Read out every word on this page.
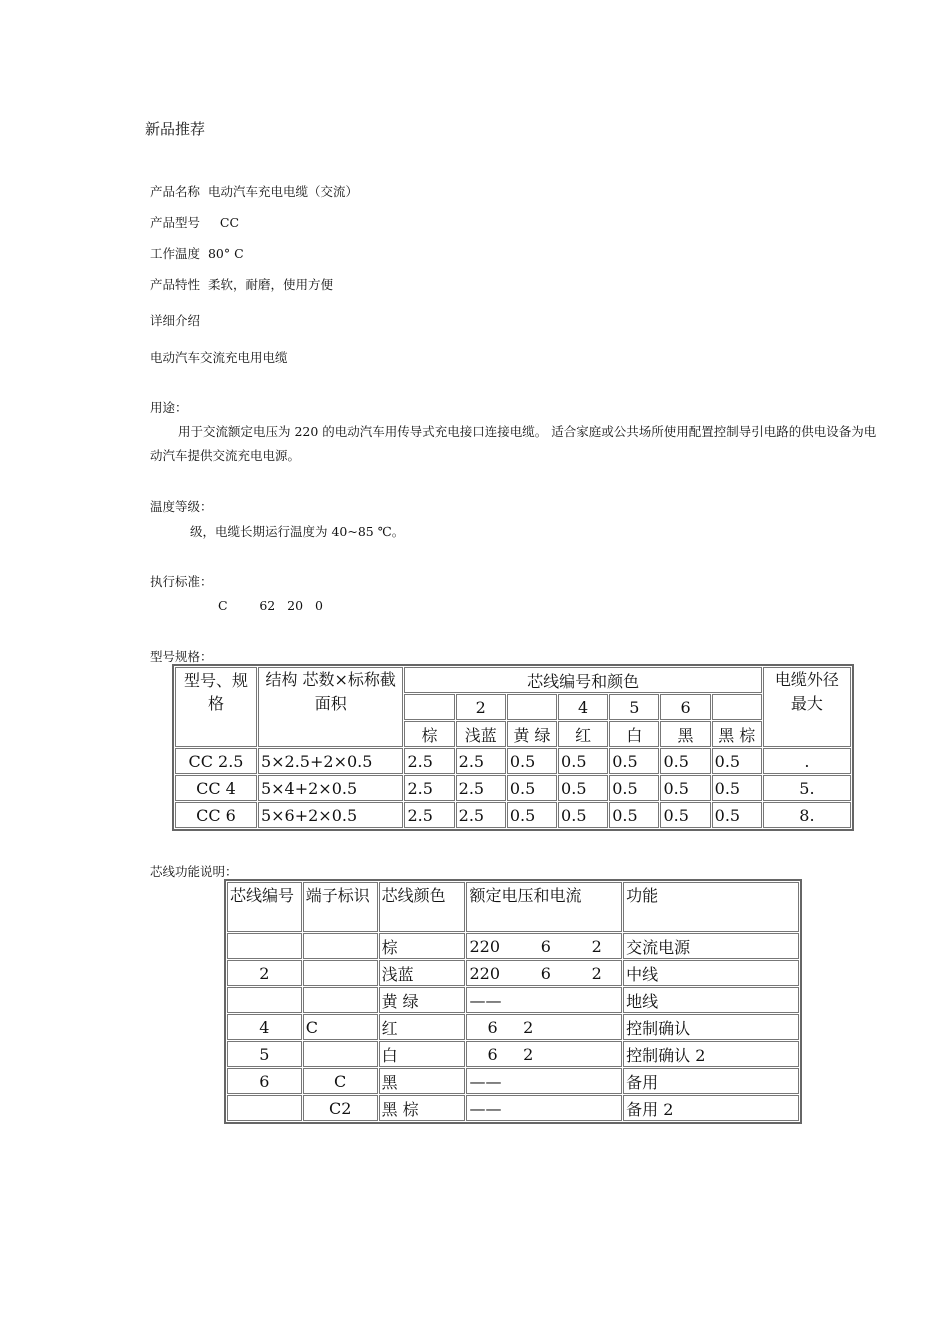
新品推荐
产品名称 电动汽车充电电缆（交流）
产品型号 CC
工作温度 80° C
产品特性 柔软，耐磨，使用方便
详细介绍
电动汽车交流充电用电缆
用途：
用于交流额定电压为 220 的电动汽车用传导式充电接口连接电缆。 适合家庭或公共场所使用配置控制导引电路的供电设备为电动汽车提供交流充电电源。
温度等级：
级，电缆长期运行温度为 40~85 ℃。
执行标准：
C        62   20   0
型号规格：
型号、规格	结构 芯数×标称截面积	芯线编号和颜色							电缆外径 最大
			2		4	5	6		
		棕	浅蓝	黄 绿	红	白	黑	黑 棕	
CC 2.5	5×2.5+2×0.5	2.5	2.5	0.5	0.5	0.5	0.5	0.5	.
CC 4	5×4+2×0.5	2.5	2.5	0.5	0.5	0.5	0.5	0.5	5.
CC 6	5×6+2×0.5	2.5	2.5	0.5	0.5	0.5	0.5	0.5	8.
芯线功能说明：
芯线编号	端子标识	芯线颜色	额定电压和电流	功能
		棕	220        6        2	交流电源
2		浅蓝	220        6        2	中线
		黄 绿	——	地线
4	C	红	6     2	控制确认
5		白	6     2	控制确认 2
6	C	黑	——	备用
	C2	黑 棕	——	备用 2
